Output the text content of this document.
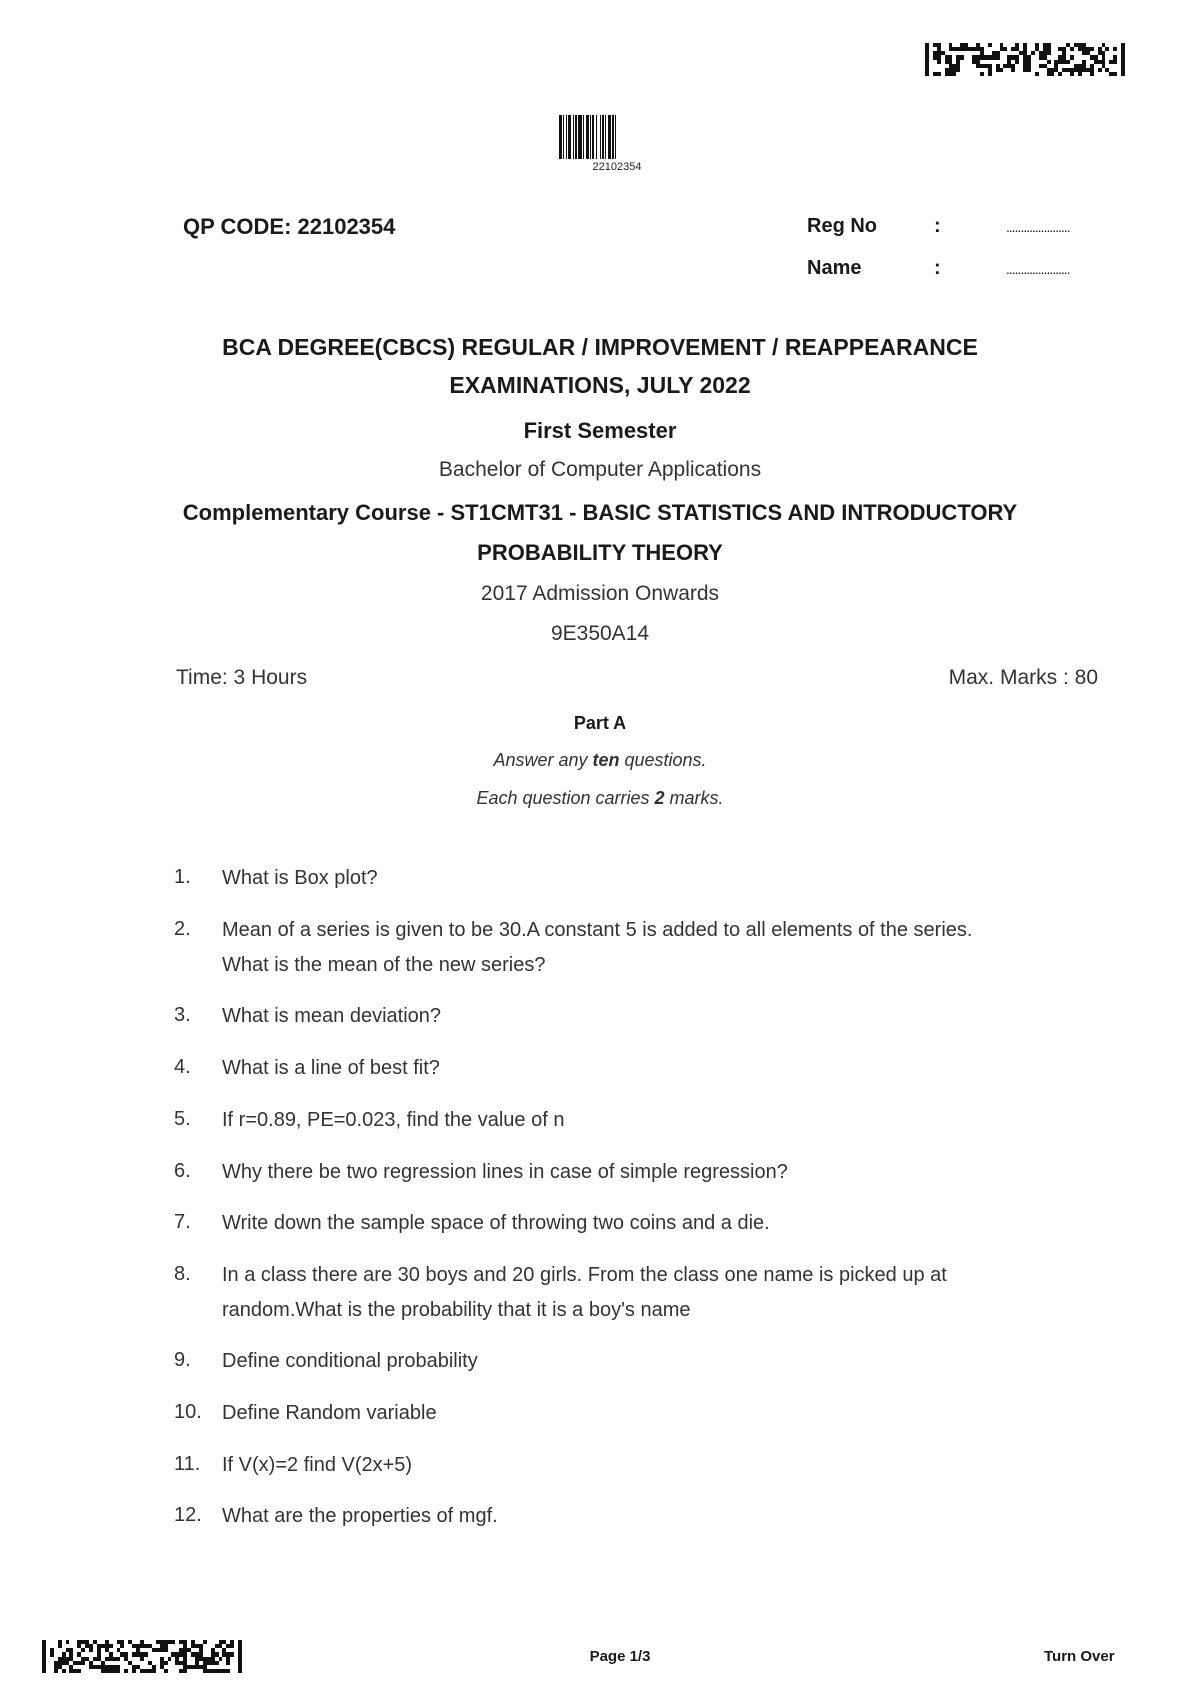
22102354
QP CODE: 22102354	Reg No	:	......................
Name	:	......................
BCA DEGREE(CBCS) REGULAR / IMPROVEMENT / REAPPEARANCE
EXAMINATIONS, JULY 2022
First Semester
Bachelor of Computer Applications
Complementary Course - ST1CMT31 - BASIC STATISTICS AND INTRODUCTORY
PROBABILITY THEORY
2017 Admission Onwards
9E350A14
Time: 3 Hours	Max. Marks : 80
Part A
Answer any ten questions.
Each question carries 2 marks.
1.	What is Box plot?
2.	Mean of a series is given to be 30.A constant 5 is added to all elements of the series.
What is the mean of the new series?
3.	What is mean deviation?
4.	What is a line of best fit?
5.	If r=0.89, PE=0.023, find the value of n
6.	Why there be two regression lines in case of simple regression?
7.	Write down the sample space of throwing two coins and a die.
8.	In a class there are 30 boys and 20 girls. From the class one name is picked up at
random.What is the probability that it is a boy's name
9.	Define conditional probability
10. Define Random variable
11. If V(x)=2 find V(2x+5)
12. What are the properties of mgf.
Page 1/3	Turn Over
